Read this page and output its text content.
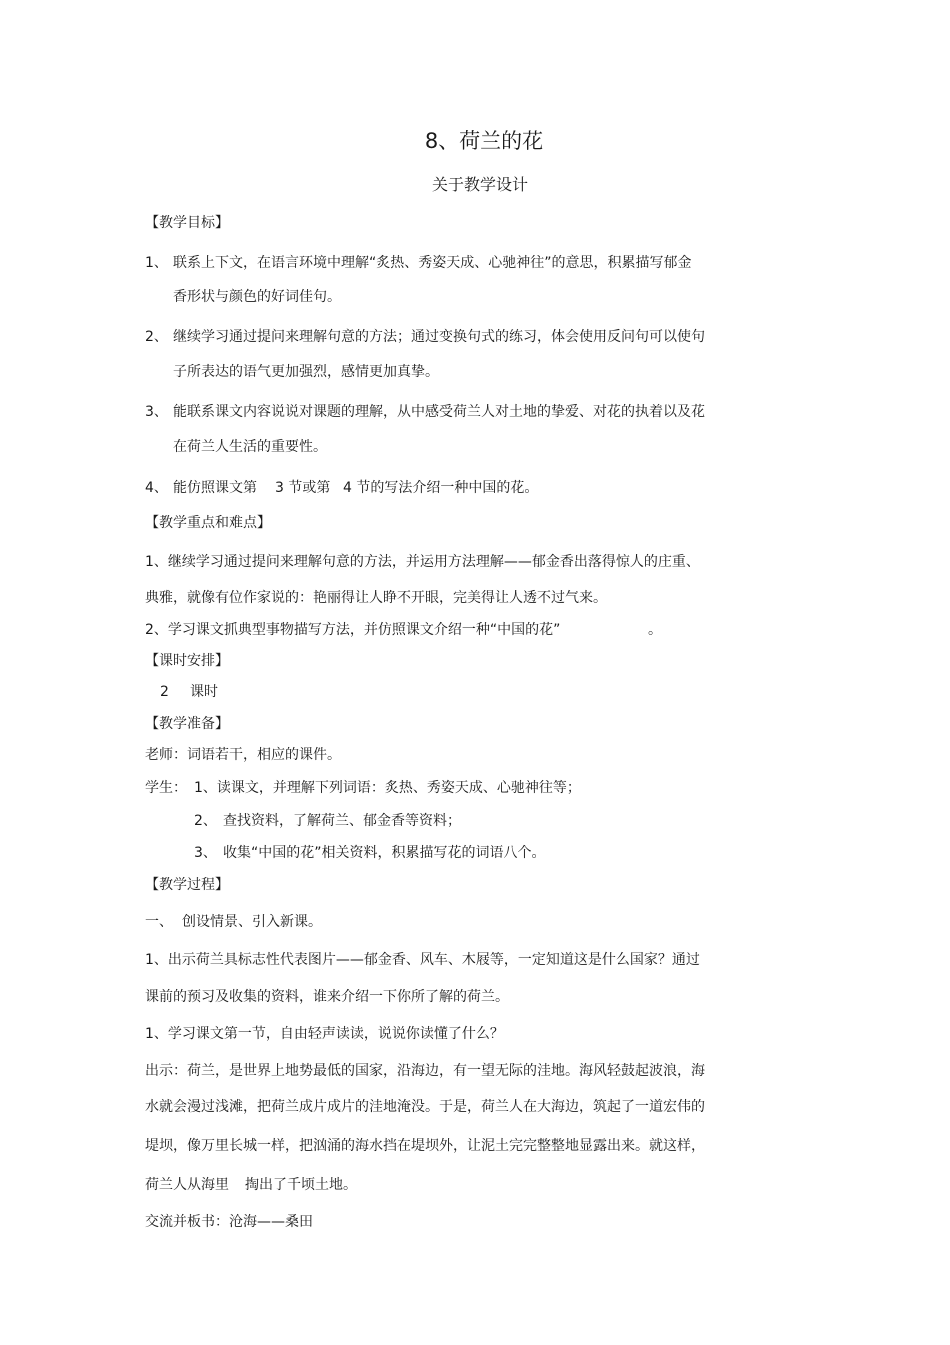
8、荷兰的花
关于教学设计
【教学目标】
1、 联系上下文，在语言环境中理解“炙热、秀姿天成、心驰神往”的意思，积累描写郁金
香形状与颜色的好词佳句。
2、 继续学习通过提问来理解句意的方法；通过变换句式的练习，体会使用反问句可以使句
子所表达的语气更加强烈，感情更加真挚。
3、 能联系课文内容说说对课题的理解，从中感受荷兰人对土地的挚爱、对花的执着以及花
在荷兰人生活的重要性。
4、 能仿照课文第 3 节或第 4 节的写法介绍一种中国的花。
【教学重点和难点】
1、继续学习通过提问来理解句意的方法，并运用方法理解——郁金香出落得惊人的庄重、
典雅，就像有位作家说的：艳丽得让人睁不开眼，完美得让人透不过气来。
2、学习课文抓典型事物描写方法，并仿照课文介绍一种“中国的花”	。
【课时安排】
2 课时
【教学准备】
老师：词语若干，相应的课件。
学生： 1、读课文，并理解下列词语：炙热、秀姿天成、心驰神往等；
2、 查找资料，了解荷兰、郁金香等资料；
3、 收集“中国的花”相关资料，积累描写花的词语八个。
【教学过程】
一、 创设情景、引入新课。
1、出示荷兰具标志性代表图片——郁金香、风车、木屐等，一定知道这是什么国家？通过
课前的预习及收集的资料，谁来介绍一下你所了解的荷兰。
1、学习课文第一节，自由轻声读读，说说你读懂了什么？
出示：荷兰，是世界上地势最低的国家，沿海边，有一望无际的洼地。海风轻鼓起波浪，海
水就会漫过浅滩，把荷兰成片成片的洼地淹没。于是，荷兰人在大海边，筑起了一道宏伟的
堤坝，像万里长城一样，把汹涌的海水挡在堤坝外，让泥土完完整整地显露出来。就这样，
荷兰人从海里 掏出了千顷土地。
交流并板书：沧海——桑田
